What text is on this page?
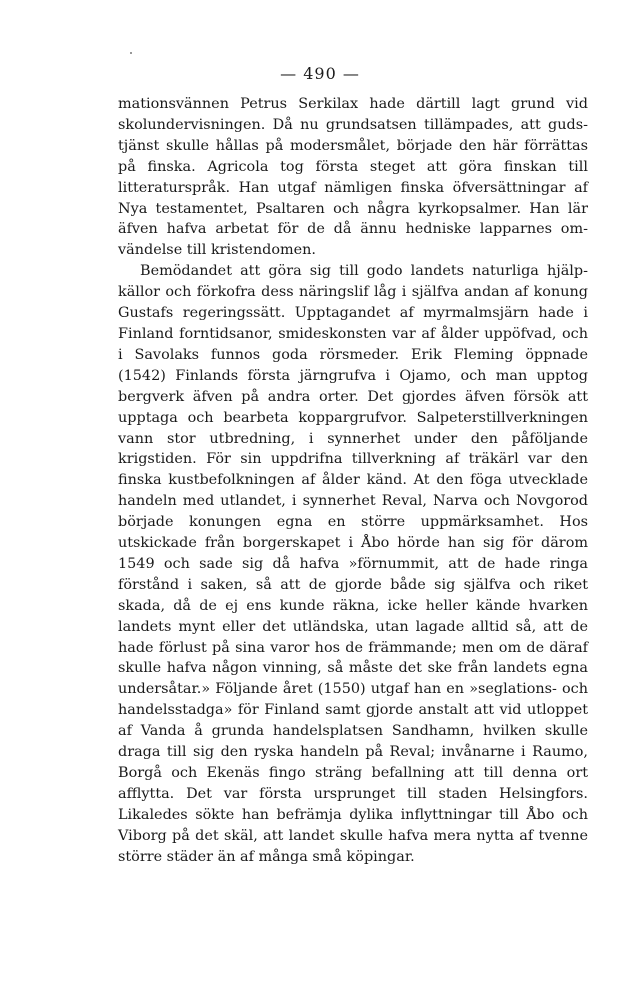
— 490 —

mationsvännen Petrus Serkilax hade därtill lagt grund vid skolundervisningen. Då nu grundsatsen tillämpades, att gudstjänst skulle hållas på modersmålet, började den här förrättas på finska. Agricola tog första steget att göra finskan till litteraturspråk. Han utgaf nämligen finska öfversättningar af Nya testamentet, Psaltaren och några kyrkopsalmer. Han lär äfven hafva arbetat för de då ännu hedniske lapparnes omvändelse till kristendomen.

Bemödandet att göra sig till godo landets naturliga hjälpkällor och förkofra dess näringslif låg i själfva andan af konung Gustafs regeringssätt. Upptagandet af myrmalmsjärn hade i Finland forntidsanor, smideskonsten var af ålder uppöfvad, och i Savolaks funnos goda rörsmeder. Erik Fleming öppnade (1542) Finlands första järngrufva i Ojamo, och man upptog bergverk äfven på andra orter. Det gjordes äfven försök att upptaga och bearbeta koppargrufvor. Salpeterstillverkningen vann stor utbredning, i synnerhet under den påföljande krigstiden. För sin uppdrifna tillverkning af träkärl var den finska kustbefolkningen af ålder känd. At den föga utvecklade handeln med utlandet, i synnerhet Reval, Narva och Novgorod började konungen egna en större uppmärksamhet. Hos utskickade från borgerskapet i Åbo hörde han sig för därom 1549 och sade sig då hafva »förnummit, att de hade ringa förstånd i saken, så att de gjorde både sig själfva och riket skada, då de ej ens kunde räkna, icke heller kände hvarken landets mynt eller det utländska, utan lagade alltid så, att de hade förlust på sina varor hos de främmande; men om de däraf skulle hafva någon vinning, så måste det ske från landets egna undersåtar.» Följande året (1550) utgaf han en »seglations- och handelsstadga» för Finland samt gjorde anstalt att vid utloppet af Vanda å grunda handelsplatsen Sandhamn, hvilken skulle draga till sig den ryska handeln på Reval; invånarne i Raumo, Borgå och Ekenäs fingo sträng befallning att till denna ort afflytta. Det var första ursprunget till staden Helsingfors. Likaledes sökte han befrämja dylika inflyttningar till Åbo och Viborg på det skäl, att landet skulle hafva mera nytta af tvenne större städer än af många små köpingar.
